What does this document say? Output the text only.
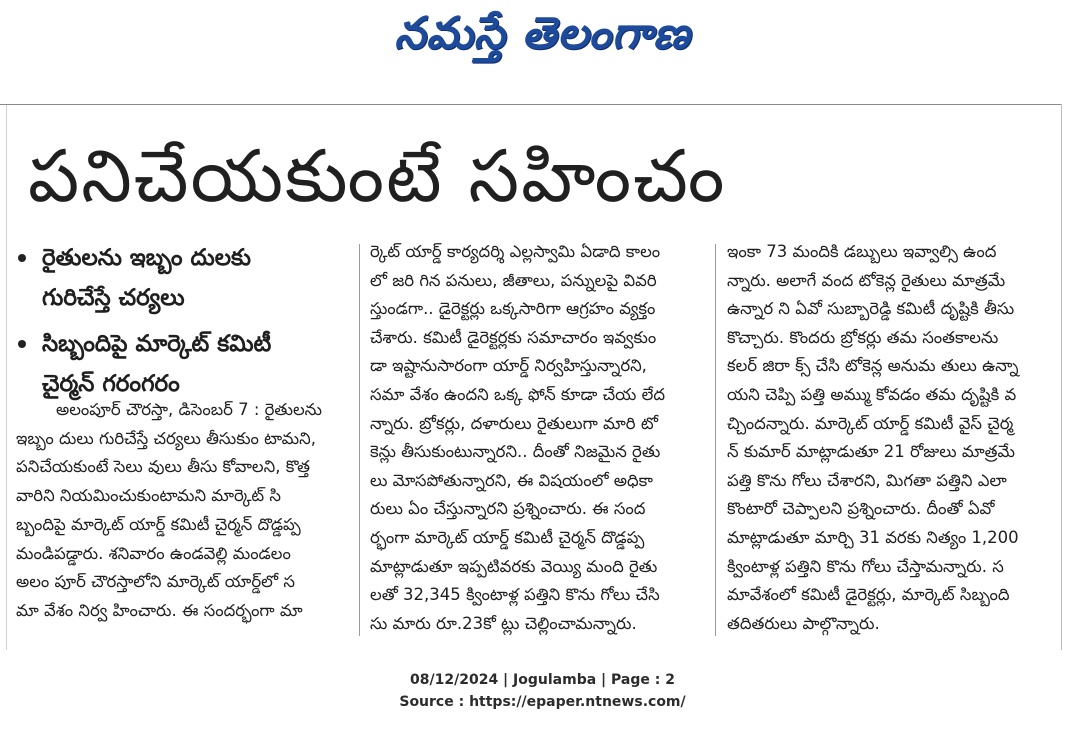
నమస్తే తెలంగాణ
పనిచేయకుంటే సహించం
రైతులను ఇబ్బం దులకు
గురిచేస్తే చర్యలు
సిబ్బందిపై మార్కెట్ కమిటీ
చైర్మన్ గరంగరం
అలంపూర్ చౌరస్తా, డిసెంబర్ 7 : రైతులను
ఇబ్బం దులు గురిచేస్తే చర్యలు తీసుకుం టామని,
పనిచేయకుంటే సెలు వులు తీసు కోవాలని, కొత్త
వారిని నియమించుకుంటామని మార్కెట్ సి
బ్బందిపై మార్కెట్ యార్డ్ కమిటీ చైర్మన్ దొడ్డప్ప
మండిపడ్డారు. శనివారం ఉండవెల్లి మండలం
అలం పూర్ చౌరస్తాలోని మార్కెట్ యార్డ్‌లో స
మా వేశం నిర్వ హించారు. ఈ సందర్భంగా మా
ర్కెట్ యార్డ్ కార్యదర్శి ఎల్లస్వామి ఏడాది కాలం
లో జరి గిన పనులు, జీతాలు, పన్నులపై వివరి
స్తుండగా.. డైరెక్టర్లు ఒక్కసారిగా ఆగ్రహం వ్యక్తం
చేశారు. కమిటీ డైరెక్టర్లకు సమాచారం ఇవ్వకుం
డా ఇష్టానుసారంగా యార్డ్ నిర్వహిస్తున్నారని,
సమా వేశం ఉందని ఒక్క ఫోన్ కూడా చేయ లేద
న్నారు. బ్రోకర్లు, దళారులు రైతులుగా మారి టో
కెన్లు తీసుకుంటున్నారని.. దీంతో నిజమైన రైతు
లు మోసపోతున్నారని, ఈ విషయంలో అధికా
రులు ఏం చేస్తున్నారని ప్రశ్నించారు. ఈ సంద
ర్భంగా మార్కెట్ యార్డ్ కమిటీ చైర్మన్ దొడ్డప్ప
మాట్లాడుతూ ఇప్పటివరకు వెయ్యి మంది రైతు
లతో 32,345 క్వింటాళ్ల పత్తిని కొను గోలు చేసి
సు మారు రూ.23కో ట్లు చెల్లించామన్నారు.
ఇంకా 73 మందికి డబ్బులు ఇవ్వాల్సి ఉంద
న్నారు. అలాగే వంద టోకెన్ల రైతులు మాత్రమే
ఉన్నార ని ఏవో సుబ్బారెడ్డి కమిటీ దృష్టికి తీసు
కొచ్చారు. కొందరు బ్రోకర్లు తమ సంతకాలను
కలర్ జిరా క్స్ చేసి టోకెన్ల అనుమ తులు ఉన్నా
యని చెప్పి పత్తి అమ్ము కోవడం తమ దృష్టికి వ
చ్చిందన్నారు. మార్కెట్ యార్డ్ కమిటీ వైస్ చైర్మ
న్ కుమార్ మాట్లాడుతూ 21 రోజులు మాత్రమే
పత్తి కొను గోలు చేశారని, మిగతా పత్తిని ఎలా
కొంటారో చెప్పాలని ప్రశ్నించారు. దీంతో ఏవో
మాట్లాడుతూ మార్చి 31 వరకు నిత్యం 1,200
క్వింటాళ్ల పత్తిని కొను గోలు చేస్తామన్నారు. స
మావేశంలో కమిటీ డైరెక్టర్లు, మార్కెట్ సిబ్బంది
తదితరులు పాల్గొన్నారు.
08/12/2024 | Jogulamba | Page : 2
Source : https://epaper.ntnews.com/
